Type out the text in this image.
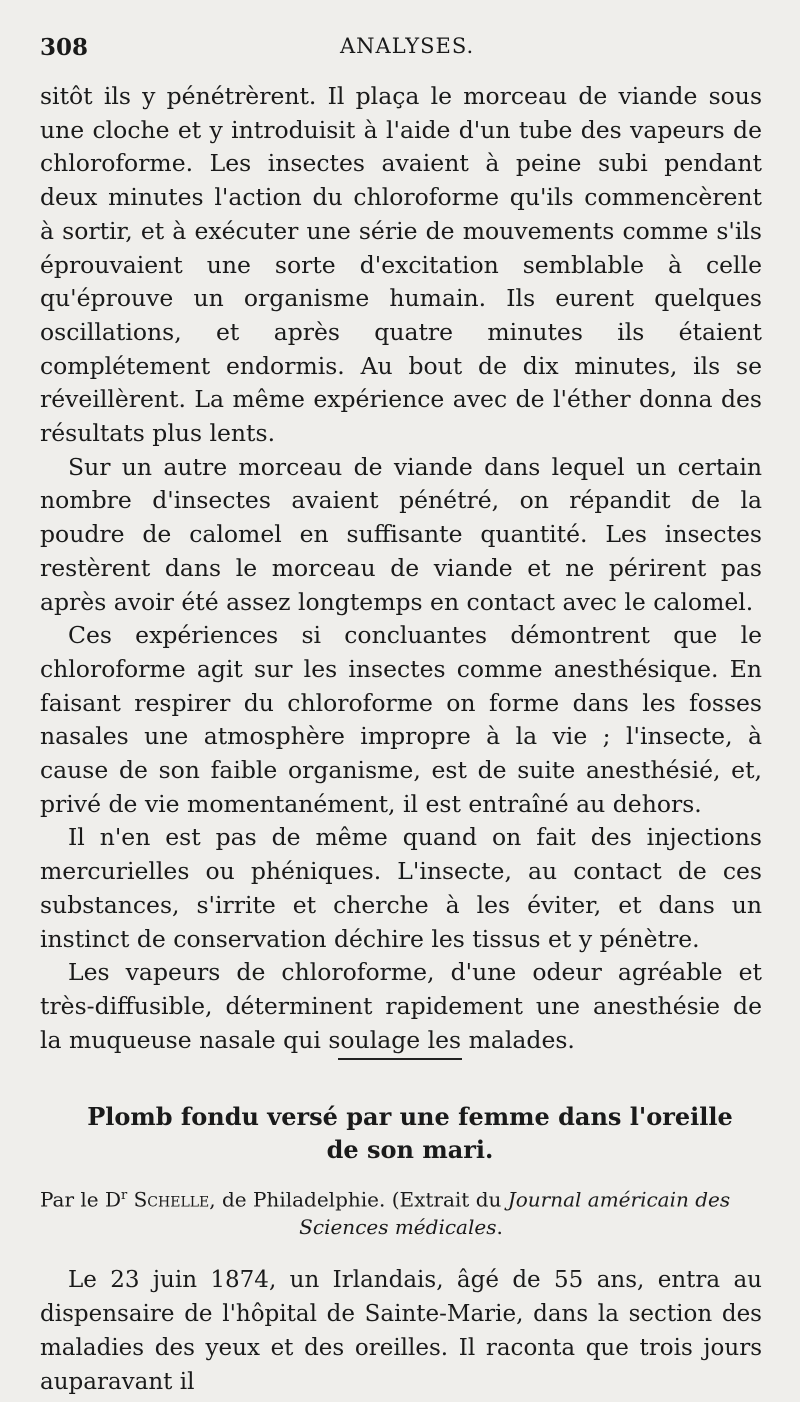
308	ANALYSES.

sitôt ils y pénétrèrent. Il plaça le morceau de viande sous une cloche et y introduisit à l'aide d'un tube des vapeurs de chloroforme. Les insectes avaient à peine subi pendant deux minutes l'action du chloroforme qu'ils commencèrent à sortir, et à exécuter une série de mouvements comme s'ils éprouvaient une sorte d'excitation semblable à celle qu'éprouve un organisme humain. Ils eurent quelques oscillations, et après quatre minutes ils étaient complétement endormis. Au bout de dix minutes, ils se réveillèrent. La même expérience avec de l'éther donna des résultats plus lents.

Sur un autre morceau de viande dans lequel un certain nombre d'insectes avaient pénétré, on répandit de la poudre de calomel en suffisante quantité. Les insectes restèrent dans le morceau de viande et ne périrent pas après avoir été assez longtemps en contact avec le calomel.

Ces expériences si concluantes démontrent que le chloroforme agit sur les insectes comme anesthésique. En faisant respirer du chloroforme on forme dans les fosses nasales une atmosphère impropre à la vie ; l'insecte, à cause de son faible organisme, est de suite anesthésié, et, privé de vie momentanément, il est entraîné au dehors.

Il n'en est pas de même quand on fait des injections mercurielles ou phéniques. L'insecte, au contact de ces substances, s'irrite et cherche à les éviter, et dans un instinct de conservation déchire les tissus et y pénètre.

Les vapeurs de chloroforme, d'une odeur agréable et très-diffusible, déterminent rapidement une anesthésie de la muqueuse nasale qui soulage les malades.

Plomb fondu versé par une femme dans l'oreille
de son mari.
Par le $D^r$ Schelle, de Philadelphie. (Extrait du Journal américain des
Sciences médicales.

Le 23 juin 1874, un Irlandais, âgé de 55 ans, entra au dispensaire de l'hôpital de Sainte-Marie, dans la section des maladies des yeux et des oreilles. Il raconta que trois jours auparavant il
